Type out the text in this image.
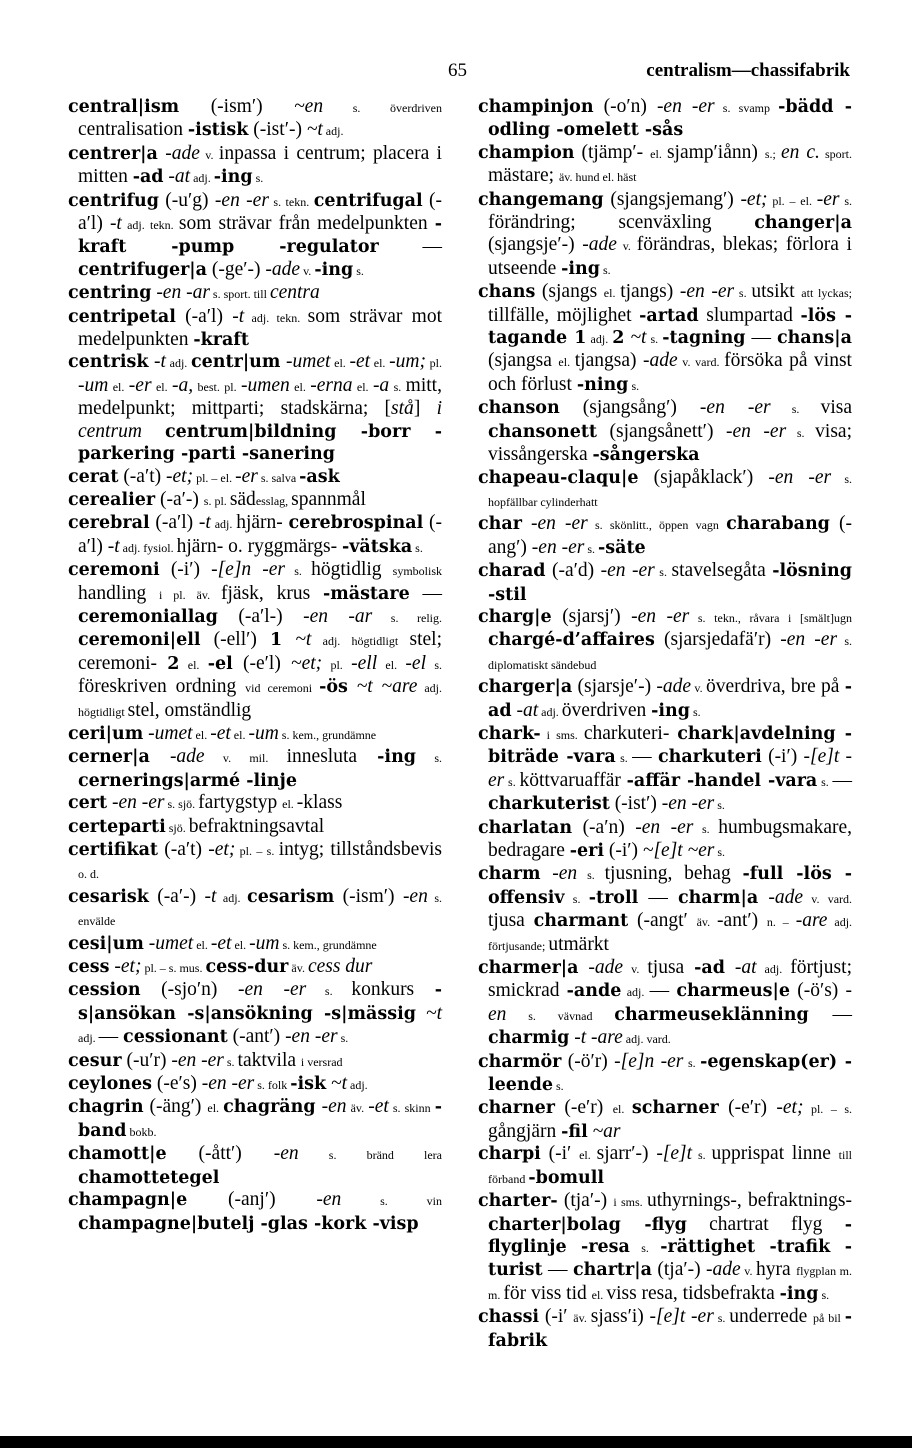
65	centralism—chassifabrik

central|ism (-ism′) ~en s. överdriven centralisation -istisk (-ist′-) ~t adj.

centrer|a -ade v. inpassa i centrum; placera i mitten -ad -at adj. -ing s.

centrifug (-u′g) -en -er s. tekn. centrifugal (-a′l) -t adj. tekn. som strävar från medelpunkten -kraft -pump -regulator — centrifuger|a (-ge′-) -ade v. -ing s.

centring -en -ar s. sport. till centra

centripetal (-a′l) -t adj. tekn. som strävar mot medelpunkten -kraft

centrisk -t adj. centr|um -umet el. -et el. -um; pl. -um el. -er el. -a, best. pl. -umen el. -erna el. -a s. mitt, medelpunkt; mittparti; stadskärna; [stå] i centrum centrum|bildning -borr -parkering -parti -sanering

cerat (-a′t) -et; pl. – el. -er s. salva -ask

cerealier (-a′-) s. pl. sädesslag, spannmål

cerebral (-a′l) -t adj. hjärn- cerebrospinal (-a′l) -t adj. fysiol. hjärn- o. ryggmärgs- -vätska s.

ceremoni (-i′) -[e]n -er s. högtidlig symbolisk handling i pl. äv. fjäsk, krus -mästare — ceremoniallag (-a′l-) -en -ar s. relig. ceremoni|ell (-ell′) 1 ~t adj. högtidligt stel; ceremoni- 2 el. -el (-e′l) ~et; pl. -ell el. -el s. föreskriven ordning vid ceremoni -ös ~t ~are adj. högtidligt stel, omständlig

ceri|um -umet el. -et el. -um s. kem., grundämne

cerner|a -ade v. mil. innesluta -ing s. cernerings|armé -linje

cert -en -er s. sjö. fartygstyp el. -klass

certeparti sjö. befraktningsavtal

certifikat (-a′t) -et; pl. – s. intyg; tillståndsbevis o. d.

cesarisk (-a′-) -t adj. cesarism (-ism′) -en s. envälde

cesi|um -umet el. -et el. -um s. kem., grundämne

cess -et; pl. – s. mus. cess-dur äv. cess dur

cession (-sjo′n) -en -er s. konkurs -s|ansökan -s|ansökning -s|mässig ~t adj. — cessionant (-ant′) -en -er s.

cesur (-u′r) -en -er s. taktvila i versrad

ceylones (-e′s) -en -er s. folk -isk ~t adj.

chagrin (-äng′) el. chagräng -en äv. -et s. skinn -band bokb.

chamott|e (-ått′) -en s. bränd lera chamottetegel

champagn|e (-anj′) -en s. vin champagne|butelj -glas -kork -visp

champinjon (-o′n) -en -er s. svamp -bädd -odling -omelett -sås

champion (tjämp′- el. sjamp′iånn) s.; en c. sport. mästare; äv. hund el. häst

changemang (sjangsjemang′) -et; pl. – el. -er s. förändring; scenväxling changer|a (sjangsje′-) -ade v. förändras, blekas; förlora i utseende -ing s.

chans (sjangs el. tjangs) -en -er s. utsikt att lyckas; tillfälle, möjlighet -artad slumpartad -lös -tagande 1 adj. 2 ~t s. -tagning — chans|a (sjangsa el. tjangsa) -ade v. vard. försöka på vinst och förlust -ning s.

chanson (sjangsång′) -en -er s. visa chansonett (sjangsånett′) -en -er s. visa; vissångerska -sångerska

chapeau-claqu|e (sjapåklack′) -en -er s. hopfällbar cylinderhatt

char -en -er s. skönlitt., öppen vagn charabang (-ang′) -en -er s. -säte

charad (-a′d) -en -er s. stavelsegåta -lösning -stil

charg|e (sjarsj′) -en -er s. tekn., råvara i [smält]ugn chargé-d’affaires (sjarsjedafä′r) -en -er s. diplomatiskt sändebud

charger|a (sjarsje′-) -ade v. överdriva, bre på -ad -at adj. överdriven -ing s.

chark- i sms. charkuteri- chark|avdelning -biträde -vara s. — charkuteri (-i′) -[e]t -er s. köttvaruaffär -affär -handel -vara s. — charkuterist (-ist′) -en -er s.

charlatan (-a′n) -en -er s. humbugsmakare, bedragare -eri (-i′) ~[e]t ~er s.

charm -en s. tjusning, behag -full -lös -offensiv s. -troll — charm|a -ade v. vard. tjusa charmant (-angt′ äv. -ant′) n. – -are adj. förtjusande; utmärkt

charmer|a -ade v. tjusa -ad -at adj. förtjust; smickrad -ande adj. — charmeus|e (-ö′s) -en s. vävnad charmeuseklänning — charmig -t -are adj. vard.

charmör (-ö′r) -[e]n -er s. -egenskap(er) -leende s.

charner (-e′r) el. scharner (-e′r) -et; pl. – s. gångjärn -fil ~ar

charpi (-i′ el. sjarr′-) -[e]t s. upprispat linne till förband -bomull

charter- (tja′-) i sms. uthyrnings-, befraktnings- charter|bolag -flyg chartrat flyg -flyglinje -resa s. -rättighet -trafik -turist — chartr|a (tja′-) -ade v. hyra flygplan m. m. för viss tid el. viss resa, tidsbefrakta -ing s.

chassi (-i′ äv. sjass′i) -[e]t -er s. underrede på bil -fabrik
